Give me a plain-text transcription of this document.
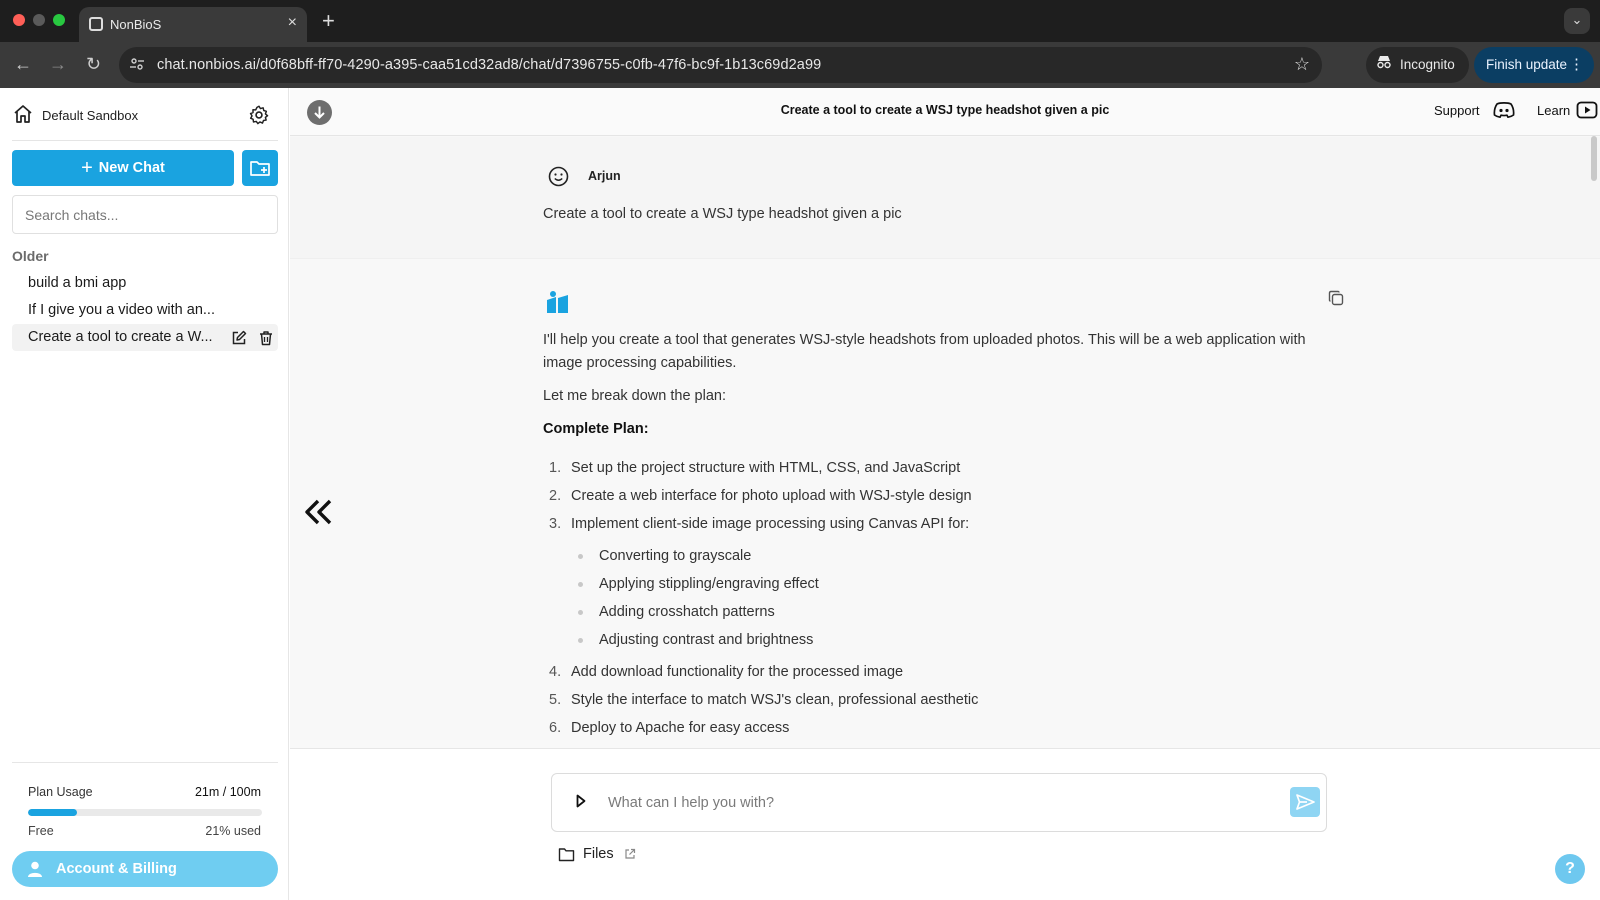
NonBioS	× +	⌄
← → ↻	chat.nonbios.ai/d0f68bff-ff70-4290-a395-caa51cd32ad8/chat/d7396755-c0fb-47f6-bc9f-1b13c69d2a99	☆	Incognito Finish update ⋮
Default Sandbox
+ New Chat
Search chats...
Older
build a bmi app
If I give you a video with an...
Create a tool to create a W...
Plan Usage	21m / 100m
Free	21% used
Account & Billing
Create a tool to create a WSJ type headshot given a pic	Support	Learn
Arjun
Create a tool to create a WSJ type headshot given a pic

I'll help you create a tool that generates WSJ-style headshots from uploaded photos. This will be a web application with image processing capabilities.

Let me break down the plan:

Complete Plan:

1. Set up the project structure with HTML, CSS, and JavaScript
2. Create a web interface for photo upload with WSJ-style design
3. Implement client-side image processing using Canvas API for:
Converting to grayscale
Applying stippling/engraving effect
Adding crosshatch patterns
Adjusting contrast and brightness
4. Add download functionality for the processed image
5. Style the interface to match WSJ's clean, professional aesthetic
6. Deploy to Apache for easy access
What can I help you with?
Files
?
